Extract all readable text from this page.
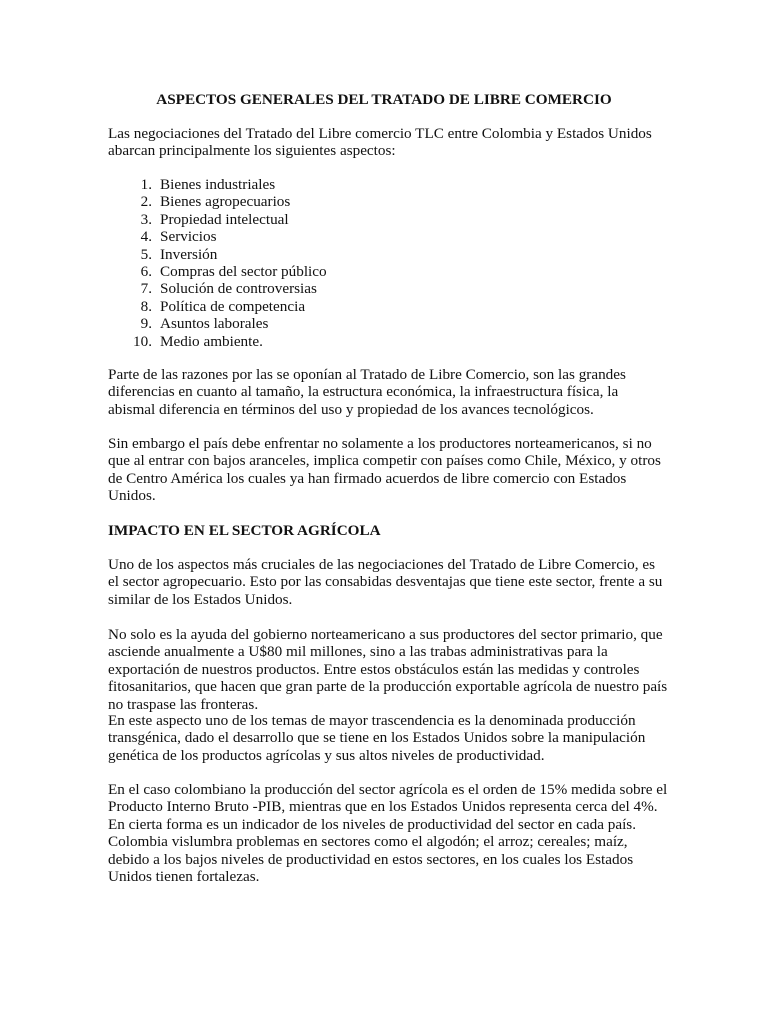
ASPECTOS GENERALES DEL TRATADO DE LIBRE COMERCIO

Las negociaciones del Tratado del Libre comercio TLC entre Colombia y Estados Unidos abarcan principalmente los siguientes aspectos:

1. Bienes industriales
2. Bienes agropecuarios
3. Propiedad intelectual
4. Servicios
5. Inversión
6. Compras del sector público
7. Solución de controversias
8. Política de competencia
9. Asuntos laborales
10. Medio ambiente.

Parte de las razones por las se oponían al Tratado de Libre Comercio, son las grandes diferencias en cuanto al tamaño, la estructura económica, la infraestructura física, la abismal diferencia en términos del uso y propiedad de los avances tecnológicos.

Sin embargo el país debe enfrentar no solamente a los productores norteamericanos, si no que al entrar con bajos aranceles, implica competir con países como Chile, México, y otros de Centro América los cuales ya han firmado acuerdos de libre comercio con Estados Unidos.

IMPACTO EN EL SECTOR AGRÍCOLA

Uno de los aspectos más cruciales de las negociaciones del Tratado de Libre Comercio, es el sector agropecuario. Esto por las consabidas desventajas que tiene este sector, frente a su similar de los Estados Unidos.

No solo es la ayuda del gobierno norteamericano a sus productores del sector primario, que asciende anualmente a U$80 mil millones, sino a las trabas administrativas para la exportación de nuestros productos. Entre estos obstáculos están las medidas y controles fitosanitarios, que hacen que gran parte de la producción exportable agrícola de nuestro país no traspase las fronteras.

En este aspecto uno de los temas de mayor trascendencia es la denominada producción transgénica, dado el desarrollo que se tiene en los Estados Unidos sobre la manipulación genética de los productos agrícolas y sus altos niveles de productividad.

En el caso colombiano la producción del sector agrícola es el orden de 15% medida sobre el Producto Interno Bruto -PIB, mientras que en los Estados Unidos representa cerca del 4%. En cierta forma es un indicador de los niveles de productividad del sector en cada país. Colombia vislumbra problemas en sectores como el algodón; el arroz; cereales; maíz, debido a los bajos niveles de productividad en estos sectores, en los cuales los Estados Unidos tienen fortalezas.
